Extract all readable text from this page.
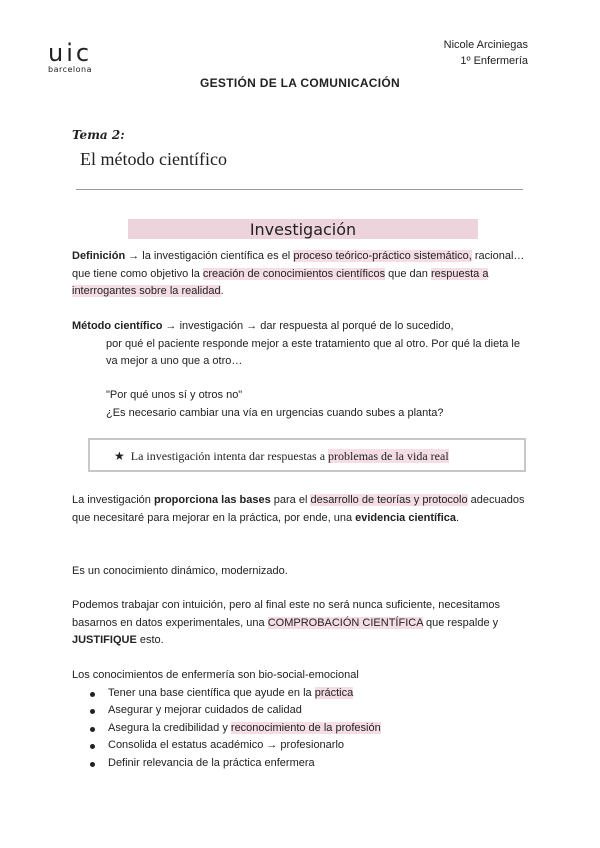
uic
barcelona
Nicole Arciniegas
1º Enfermería
GESTIÓN DE LA COMUNICACIÓN
Tema 2:
El método científico
Investigación
Definición → la investigación científica es el proceso teórico-práctico sistemático, racional… que tiene como objetivo la creación de conocimientos científicos que dan respuesta a interrogantes sobre la realidad.
Método científico → investigación → dar respuesta al porqué de lo sucedido,
por qué el paciente responde mejor a este tratamiento que al otro. Por qué la dieta le va mejor a uno que a otro…
"Por qué unos sí y otros no"
¿Es necesario cambiar una vía en urgencias cuando subes a planta?
★ La investigación intenta dar respuestas a problemas de la vida real
La investigación proporciona las bases para el desarrollo de teorías y protocolo adecuados que necesitaré para mejorar en la práctica, por ende, una evidencia científica.
Es un conocimiento dinámico, modernizado.
Podemos trabajar con intuición, pero al final este no será nunca suficiente, necesitamos basarnos en datos experimentales, una COMPROBACIÓN CIENTÍFICA que respalde y JUSTIFIQUE esto.
Los conocimientos de enfermería son bio-social-emocional
Tener una base científica que ayude en la práctica
Asegurar y mejorar cuidados de calidad
Asegura la credibilidad y reconocimiento de la profesión
Consolida el estatus académico → profesionarlo
Definir relevancia de la práctica enfermera
